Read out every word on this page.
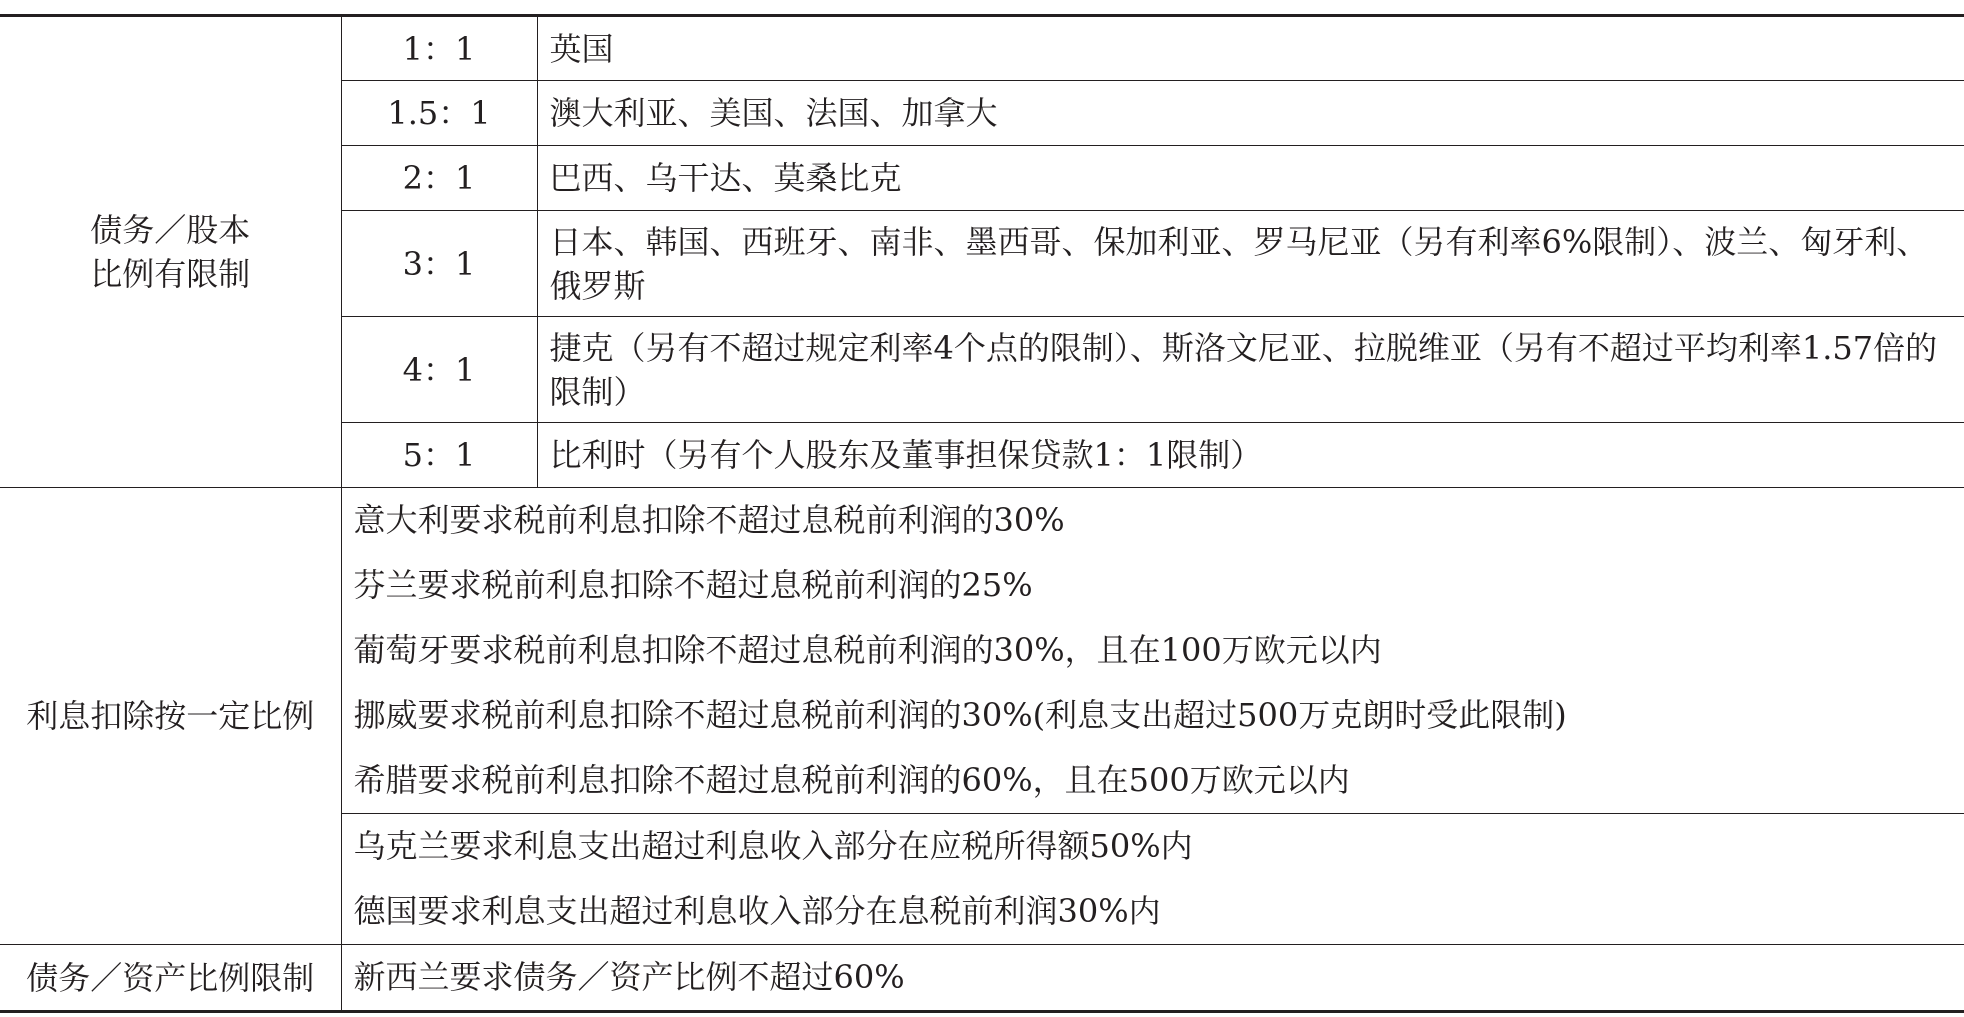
债务／股本
比例有限制	1：1	英国
	1.5：1	澳大利亚、美国、法国、加拿大
	2：1	巴西、乌干达、莫桑比克
	3：1	日本、韩国、西班牙、南非、墨西哥、保加利亚、罗马尼亚（另有利率6%限制）、波兰、匈牙利、俄罗斯
	4：1	捷克（另有不超过规定利率4个点的限制）、斯洛文尼亚、拉脱维亚（另有不超过平均利率1.57倍的限制）
	5：1	比利时（另有个人股东及董事担保贷款1：1限制）
利息扣除按一定比例	意大利要求税前利息扣除不超过息税前利润的30%
芬兰要求税前利息扣除不超过息税前利润的25%
葡萄牙要求税前利息扣除不超过息税前利润的30%，且在100万欧元以内
挪威要求税前利息扣除不超过息税前利润的30%(利息支出超过500万克朗时受此限制)
希腊要求税前利息扣除不超过息税前利润的60%，且在500万欧元以内	

	乌克兰要求利息支出超过利息收入部分在应税所得额50%内
德国要求利息支出超过利息收入部分在息税前利润30%内	

债务／资产比例限制	新西兰要求债务／资产比例不超过60%	
